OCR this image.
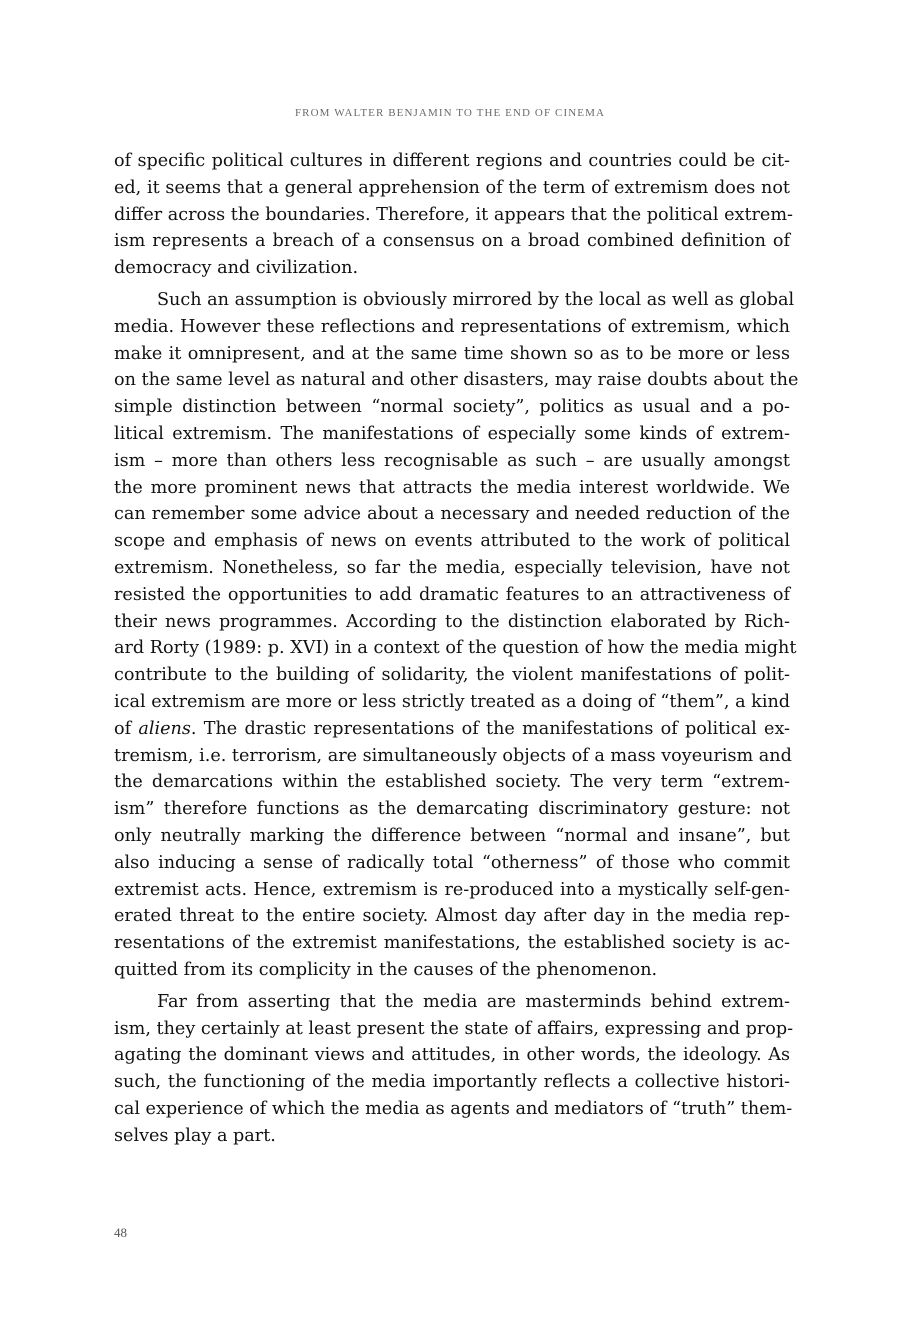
FROM WALTER BENJAMIN TO THE END OF CINEMA
of specific political cultures in different regions and countries could be cit-
ed, it seems that a general apprehension of the term of extremism does not
differ across the boundaries. Therefore, it appears that the political extrem-
ism represents a breach of a consensus on a broad combined definition of
democracy and civilization.
Such an assumption is obviously mirrored by the local as well as global
media. However these reflections and representations of extremism, which
make it omnipresent, and at the same time shown so as to be more or less
on the same level as natural and other disasters, may raise doubts about the
simple distinction between “normal society”, politics as usual and a po-
litical extremism. The manifestations of especially some kinds of extrem-
ism – more than others less recognisable as such – are usually amongst
the more prominent news that attracts the media interest worldwide. We
can remember some advice about a necessary and needed reduction of the
scope and emphasis of news on events attributed to the work of political
extremism. Nonetheless, so far the media, especially television, have not
resisted the opportunities to add dramatic features to an attractiveness of
their news programmes. According to the distinction elaborated by Rich-
ard Rorty (1989: p. XVI) in a context of the question of how the media might
contribute to the building of solidarity, the violent manifestations of polit-
ical extremism are more or less strictly treated as a doing of “them”, a kind
of aliens. The drastic representations of the manifestations of political ex-
tremism, i.e. terrorism, are simultaneously objects of a mass voyeurism and
the demarcations within the established society. The very term “extrem-
ism” therefore functions as the demarcating discriminatory gesture: not
only neutrally marking the difference between “normal and insane”, but
also inducing a sense of radically total “otherness” of those who commit
extremist acts. Hence, extremism is re-produced into a mystically self-gen-
erated threat to the entire society. Almost day after day in the media rep-
resentations of the extremist manifestations, the established society is ac-
quitted from its complicity in the causes of the phenomenon.
Far from asserting that the media are masterminds behind extrem-
ism, they certainly at least present the state of affairs, expressing and prop-
agating the dominant views and attitudes, in other words, the ideology. As
such, the functioning of the media importantly reflects a collective histori-
cal experience of which the media as agents and mediators of “truth” them-
selves play a part.
48
